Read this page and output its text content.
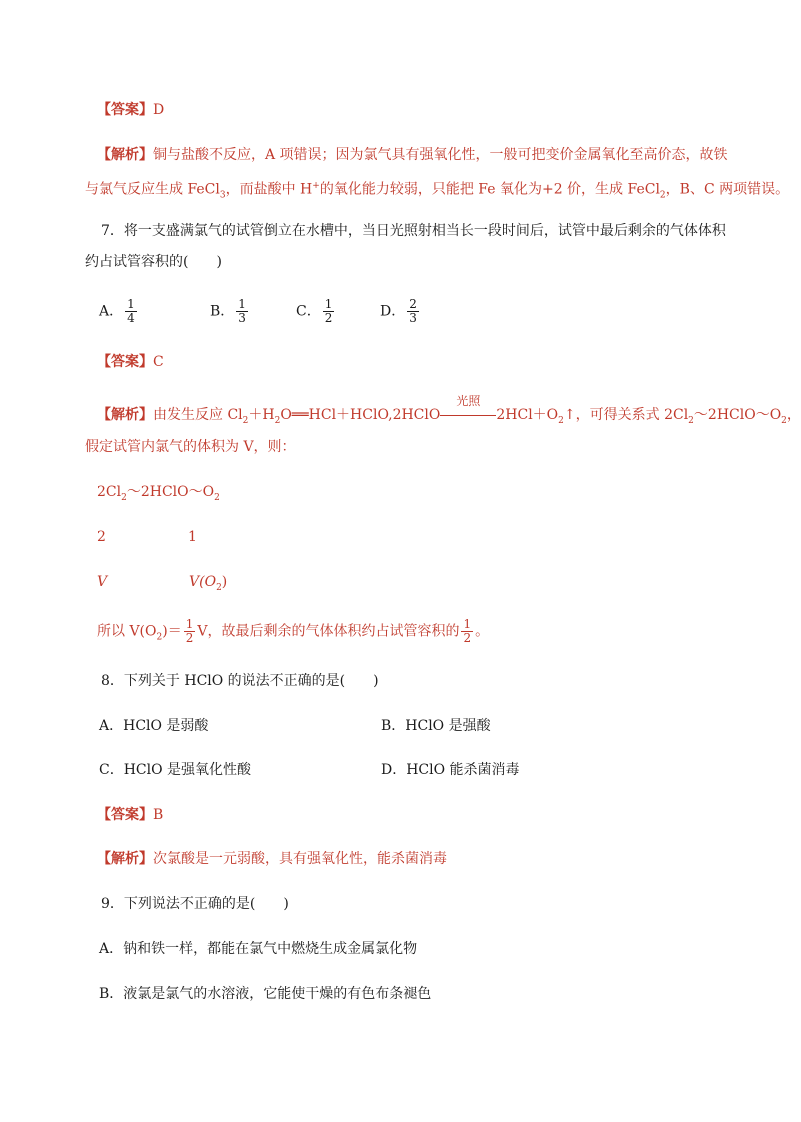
【答案】D
【解析】铜与盐酸不反应，A 项错误；因为氯气具有强氧化性，一般可把变价金属氧化至高价态，故铁
与氯气反应生成 FeCl$_3$，而盐酸中 H+的氧化能力较弱，只能把 Fe 氧化为+2 价，生成 FeCl$_2$，B、C 两项错误。
7．将一支盛满氯气的试管倒立在水槽中，当日光照射相当长一段时间后，试管中最后剩余的气体体积
约占试管容积的(　　)
A． $\frac{1}{4}$	B． $\frac{1}{3}$	C． $\frac{1}{2}$	D． $\frac{2}{3}$
【答案】C
【解析】由发生反应 $Cl_2+H_2O══HCl+HClO,2HClO$
光照
$2HCl+O_2↑$，可得关系式 $2Cl_2\sim 2HClO\sim O_2$，
假定试管内氯气的体积为 V，则：
$2Cl_2\sim 2HClO\sim O_2$
2	1
V	$V(O_2)$
所以 $V(O_2)= \frac{1}{2}$ V，故最后剩余的气体体积约占试管容积的 $\frac{1}{2}$ 。
8．下列关于 HClO 的说法不正确的是(　　)
A．HClO 是弱酸	B．HClO 是强酸
C．HClO 是强氧化性酸	D．HClO 能杀菌消毒
【答案】B
【解析】次氯酸是一元弱酸，具有强氧化性，能杀菌消毒
9．下列说法不正确的是(　　)
A．钠和铁一样，都能在氯气中燃烧生成金属氯化物
B．液氯是氯气的水溶液，它能使干燥的有色布条褪色
